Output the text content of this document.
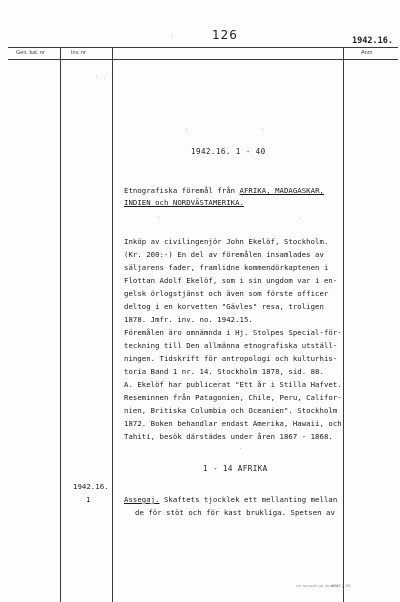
126	1942.16.
Gen. kat. nr	Inv. nr	Anm.
1942.16. 1 - 40
Etnografiska föremål från AFRIKA, MADAGASKAR,
INDIEN och NORDVÄSTAMERIKA.
Inköp av civilingenjör John Ekelöf, Stockholm.
(Kr. 200:-) En del av föremålen insamlades av
säljarens fader, framlidne kommendörkaptenen i
Flottan Adolf Ekelöf, som i sin ungdom var i en-
gelsk örlogstjänst och även som förste officer
deltog i en korvetten "Gävles" resa, troligen
1878. Jmfr. inv. no. 1942.15.
Föremålen äro omnämnda i Hj. Stolpes Special-för-
teckning till Den allmänna etnografiska utställ-
ningen. Tidskrift för antropologi och kulturhis-
toria Band 1 nr. 14. Stockholm 1878, sid. 88.
A. Ekelöf har publicerat "Ett år i Stilla Hafvet.
Reseminnen från Patagonien, Chile, Peru, Califor-
nien, Britiska Columbia och Oceanien". Stockholm
1872. Boken behandlar endast Amerika, Hawaii, och
Tahiti, besök därstädes under åren 1867 - 1868.
1 - 14 AFRIKA
1942.16.
1	Assegaj. Skaftets tjocklek ett mellanting mellan
de för stöt och för kast brukliga. Spetsen av
KAT. BLANKETT AB. LÄGE 8967 2 70
